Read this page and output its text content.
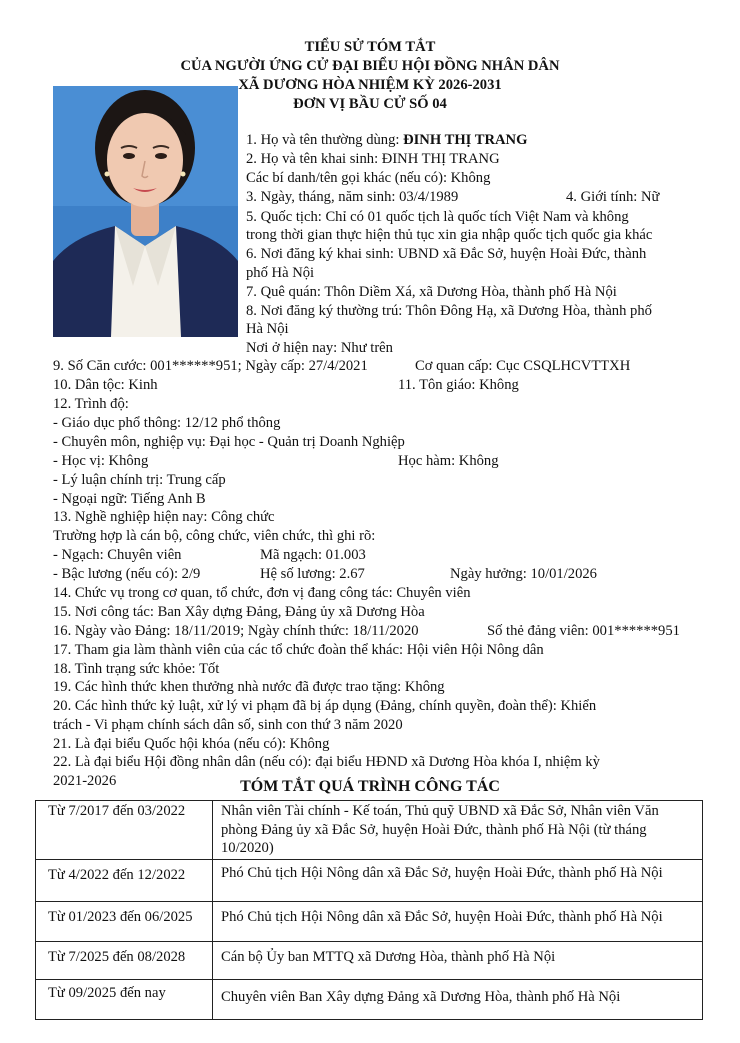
TIỂU SỬ TÓM TẮT
CỦA NGƯỜI ỨNG CỬ ĐẠI BIỂU HỘI ĐỒNG NHÂN DÂN
XÃ DƯƠNG HÒA NHIỆM KỲ 2026-2031
ĐƠN VỊ BẦU CỬ SỐ 04
1. Họ và tên thường dùng: ĐINH THỊ TRANG
2. Họ và tên khai sinh: ĐINH THỊ TRANG
Các bí danh/tên gọi khác (nếu có): Không
3. Ngày, tháng, năm sinh: 03/4/1989	4. Giới tính: Nữ
5. Quốc tịch: Chỉ có 01 quốc tịch là quốc tích Việt Nam và không
trong thời gian thực hiện thủ tục xin gia nhập quốc tịch quốc gia khác
6. Nơi đăng ký khai sinh: UBND xã Đắc Sở, huyện Hoài Đức, thành
phố Hà Nội
7. Quê quán: Thôn Diềm Xá, xã Dương Hòa, thành phố Hà Nội
8. Nơi đăng ký thường trú: Thôn Đông Hạ, xã Dương Hòa, thành phố
Hà Nội
Nơi ở hiện nay: Như trên
9. Số Căn cước: 001******951; Ngày cấp: 27/4/2021	Cơ quan cấp: Cục CSQLHCVTTXH
10. Dân tộc: Kinh	11. Tôn giáo: Không
12. Trình độ:
- Giáo dục phổ thông: 12/12 phổ thông
- Chuyên môn, nghiệp vụ: Đại học - Quản trị Doanh Nghiệp
- Học vị: Không	Học hàm: Không
- Lý luận chính trị: Trung cấp
- Ngoại ngữ: Tiếng Anh B
13. Nghề nghiệp hiện nay: Công chức
Trường hợp là cán bộ, công chức, viên chức, thì ghi rõ:
- Ngạch: Chuyên viên	Mã ngạch: 01.003
- Bậc lương (nếu có): 2/9	Hệ số lương: 2.67	Ngày hưởng: 10/01/2026
14. Chức vụ trong cơ quan, tổ chức, đơn vị đang công tác: Chuyên viên
15. Nơi công tác: Ban Xây dựng Đảng, Đảng ủy xã Dương Hòa
16. Ngày vào Đảng: 18/11/2019; Ngày chính thức: 18/11/2020	Số thẻ đảng viên: 001******951
17. Tham gia làm thành viên của các tổ chức đoàn thể khác: Hội viên Hội Nông dân
18. Tình trạng sức khỏe: Tốt
19. Các hình thức khen thưởng nhà nước đã được trao tặng: Không
20. Các hình thức kỷ luật, xử lý vi phạm đã bị áp dụng (Đảng, chính quyền, đoàn thể): Khiển
trách - Vi phạm chính sách dân số, sinh con thứ 3 năm 2020
21. Là đại biểu Quốc hội khóa (nếu có): Không
22. Là đại biểu Hội đồng nhân dân (nếu có): đại biểu HĐND xã Dương Hòa khóa I, nhiệm kỳ
2021-2026	TÓM TẮT QUÁ TRÌNH CÔNG TÁC
Từ 7/2017 đến 03/2022	Nhân viên Tài chính - Kế toán, Thủ quỹ UBND xã Đắc Sở, Nhân viên Văn phòng Đảng ủy xã Đắc Sở, huyện Hoài Đức, thành phố Hà Nội (từ tháng 10/2020)
Từ 4/2022 đến 12/2022	Phó Chủ tịch Hội Nông dân xã Đắc Sở, huyện Hoài Đức, thành phố Hà Nội
Từ 01/2023 đến 06/2025	Phó Chủ tịch Hội Nông dân xã Đắc Sở, huyện Hoài Đức, thành phố Hà Nội
Từ 7/2025 đến 08/2028	Cán bộ Ủy ban MTTQ xã Dương Hòa, thành phố Hà Nội
Từ 09/2025 đến nay	Chuyên viên Ban Xây dựng Đảng xã Dương Hòa, thành phố Hà Nội
